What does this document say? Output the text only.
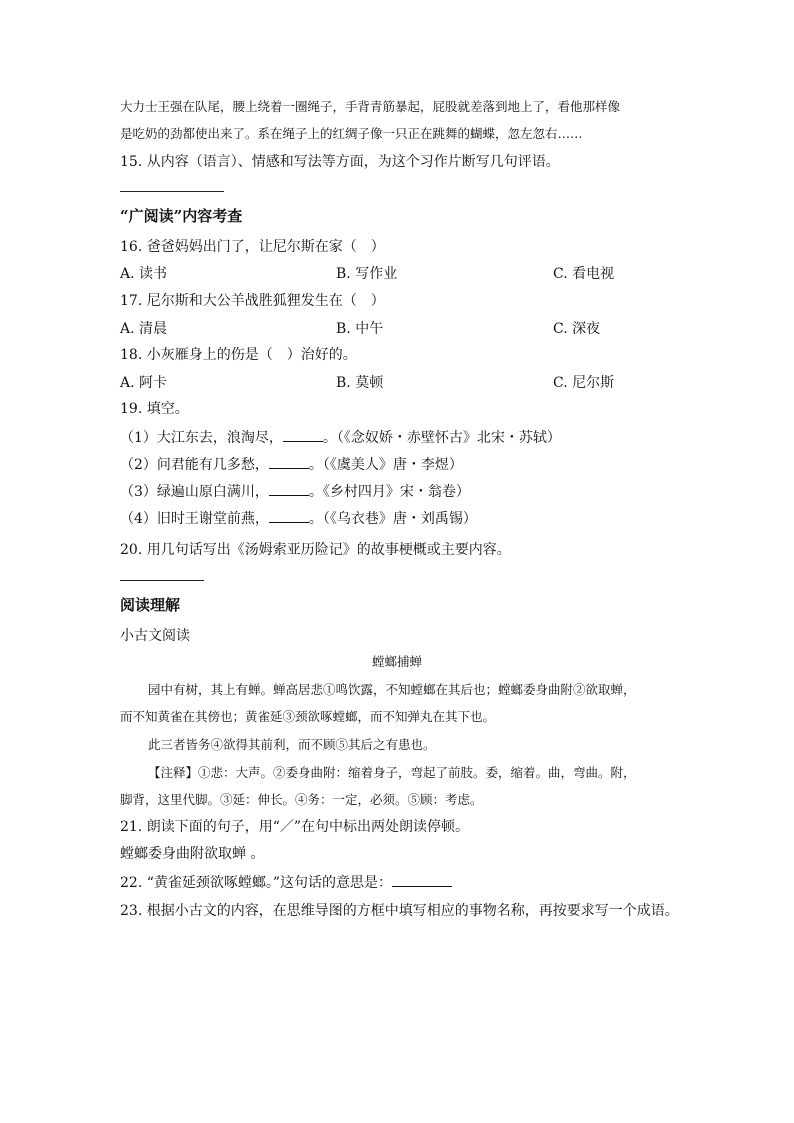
大力士王强在队尾，腰上绕着一圈绳子，手背青筋暴起，屁股就差落到地上了，看他那样像
是吃奶的劲都使出来了。系在绳子上的红绸子像一只正在跳舞的蝴蝶，忽左忽右……
15. 从内容（语言）、情感和写法等方面，为这个习作片断写几句评语。
“广阅读”内容考查
16. 爸爸妈妈出门了，让尼尔斯在家（　）
A. 读书	B. 写作业	C. 看电视
17. 尼尔斯和大公羊战胜狐狸发生在（　）
A. 清晨	B. 中午	C. 深夜
18. 小灰雁身上的伤是（　）治好的。
A. 阿卡	B. 莫顿	C. 尼尔斯
19. 填空。
（1）大江东去，浪淘尽，	。（《念奴娇・赤壁怀古》北宋・苏轼）
（2）问君能有几多愁，	。（《虞美人》唐・李煜）
（3）绿遍山原白满川，	。《乡村四月》宋・翁卷）
（4）旧时王谢堂前燕，	。（《乌衣巷》唐・刘禹锡）
20. 用几句话写出《汤姆索亚历险记》的故事梗概或主要内容。
阅读理解
小古文阅读
螳螂捕蝉
园中有树，其上有蝉。蝉高居悲①鸣饮露，不知螳螂在其后也；螳螂委身曲附②欲取蝉，
而不知黄雀在其傍也；黄雀延③颈欲啄螳螂，而不知弹丸在其下也。
此三者皆务④欲得其前利，而不顾⑤其后之有患也。
【注释】①悲：大声。②委身曲附：缩着身子，弯起了前肢。委，缩着。曲，弯曲。附，
脚背，这里代脚。③延：伸长。④务：一定，必须。⑤顾：考虑。
21. 朗读下面的句子，用“／”在句中标出两处朗读停顿。
螳螂委身曲附欲取蝉 。
22. “黄雀延颈欲啄螳螂。”这句话的意思是：
23. 根据小古文的内容，在思维导图的方框中填写相应的事物名称，再按要求写一个成语。
